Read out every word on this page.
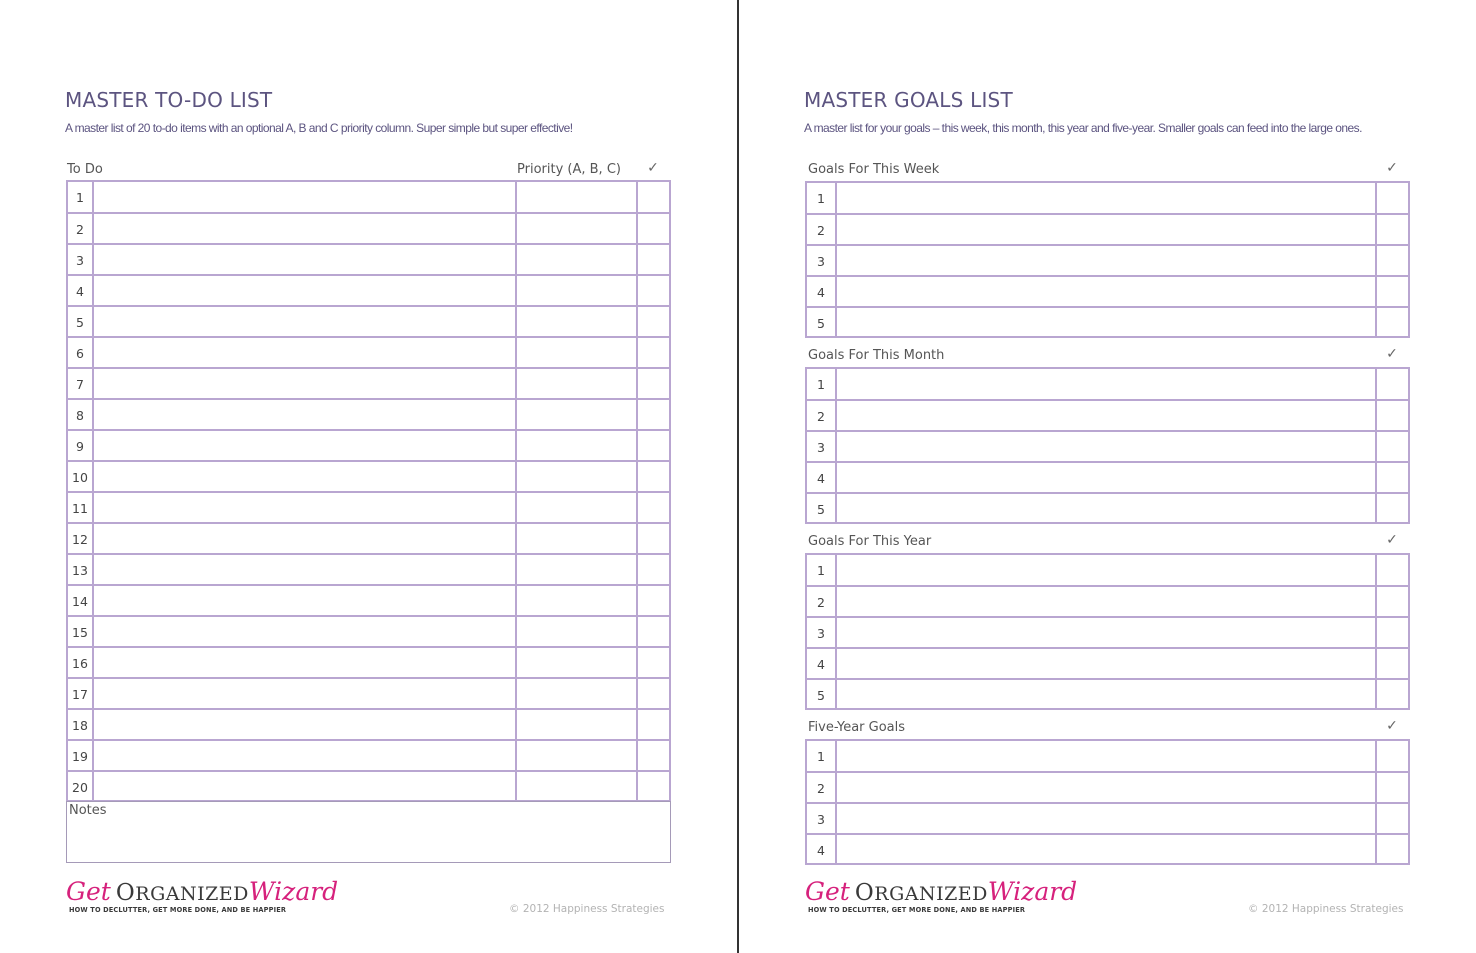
MASTER TO-DO LIST
A master list of 20 to-do items with an optional A, B and C priority column. Super simple but super effective!
To Do	Priority (A, B, C) ✓
1
2
3
4
5
6
7
8
9
10
11
12
13
14
15
16
17
18
19
20
Notes
Get ORGANIZEDWizard
HOW TO DECLUTTER, GET MORE DONE, AND BE HAPPIER	© 2012 Happiness Strategies
MASTER GOALS LIST
A master list for your goals – this week, this month, this year and five-year. Smaller goals can feed into the large ones.
Goals For This Week	✓
1
2
3
4
5
Goals For This Month	✓
1
2
3
4
5
Goals For This Year	✓
1
2
3
4
5
Five-Year Goals	✓
1
2
3
4
Get ORGANIZEDWizard
HOW TO DECLUTTER, GET MORE DONE, AND BE HAPPIER	© 2012 Happiness Strategies
